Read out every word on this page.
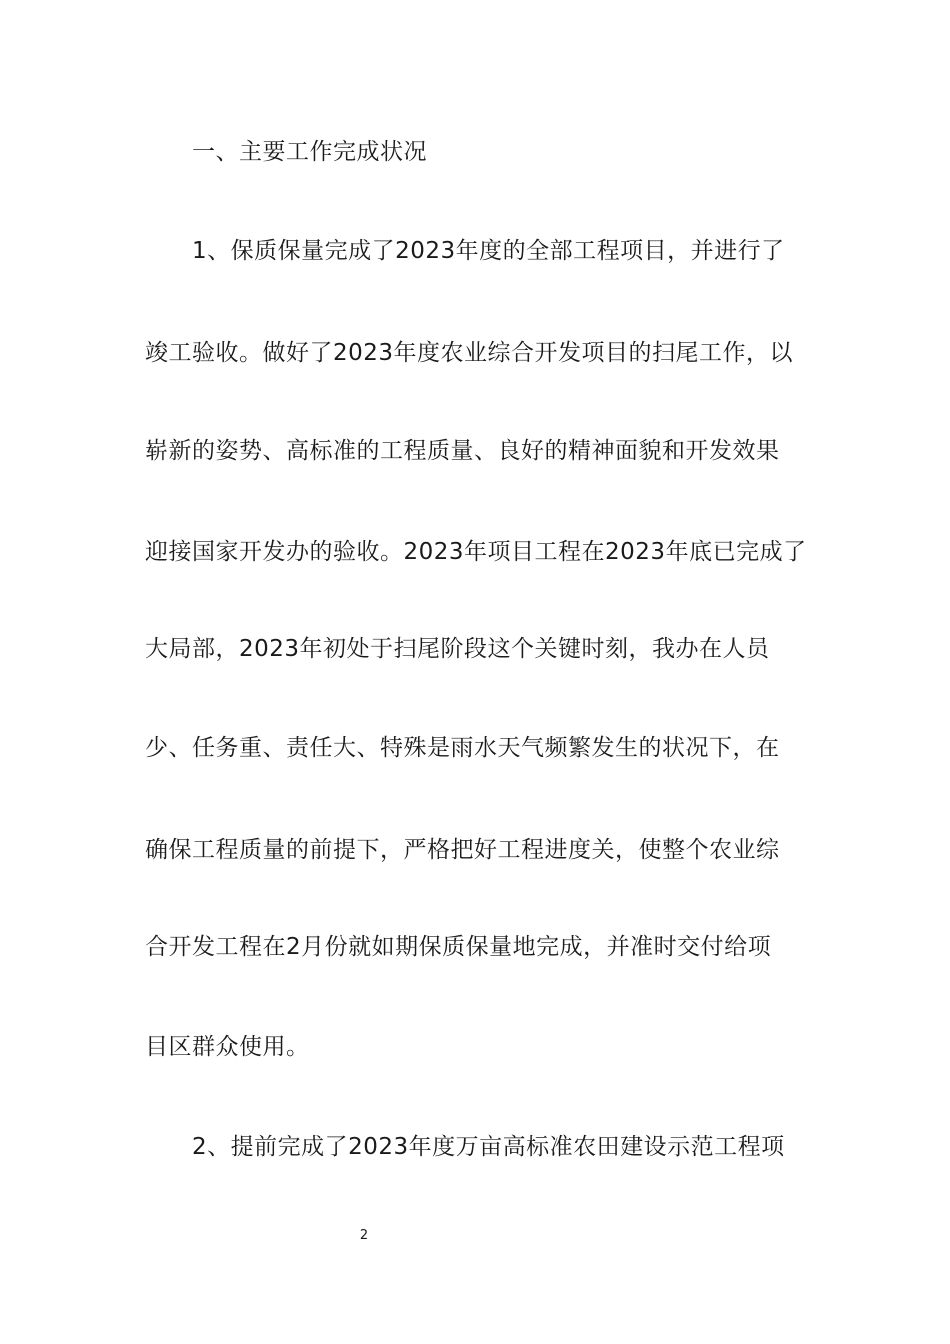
一、主要工作完成状况
1、保质保量完成了2023年度的全部工程项目，并进行了
竣工验收。做好了2023年度农业综合开发项目的扫尾工作，以
崭新的姿势、高标准的工程质量、良好的精神面貌和开发效果
迎接国家开发办的验收。2023年项目工程在2023年底已完成了
大局部，2023年初处于扫尾阶段这个关键时刻，我办在人员
少、任务重、责任大、特殊是雨水天气频繁发生的状况下，在
确保工程质量的前提下，严格把好工程进度关，使整个农业综
合开发工程在2月份就如期保质保量地完成，并准时交付给项
目区群众使用。
2、提前完成了2023年度万亩高标准农田建设示范工程项
2
